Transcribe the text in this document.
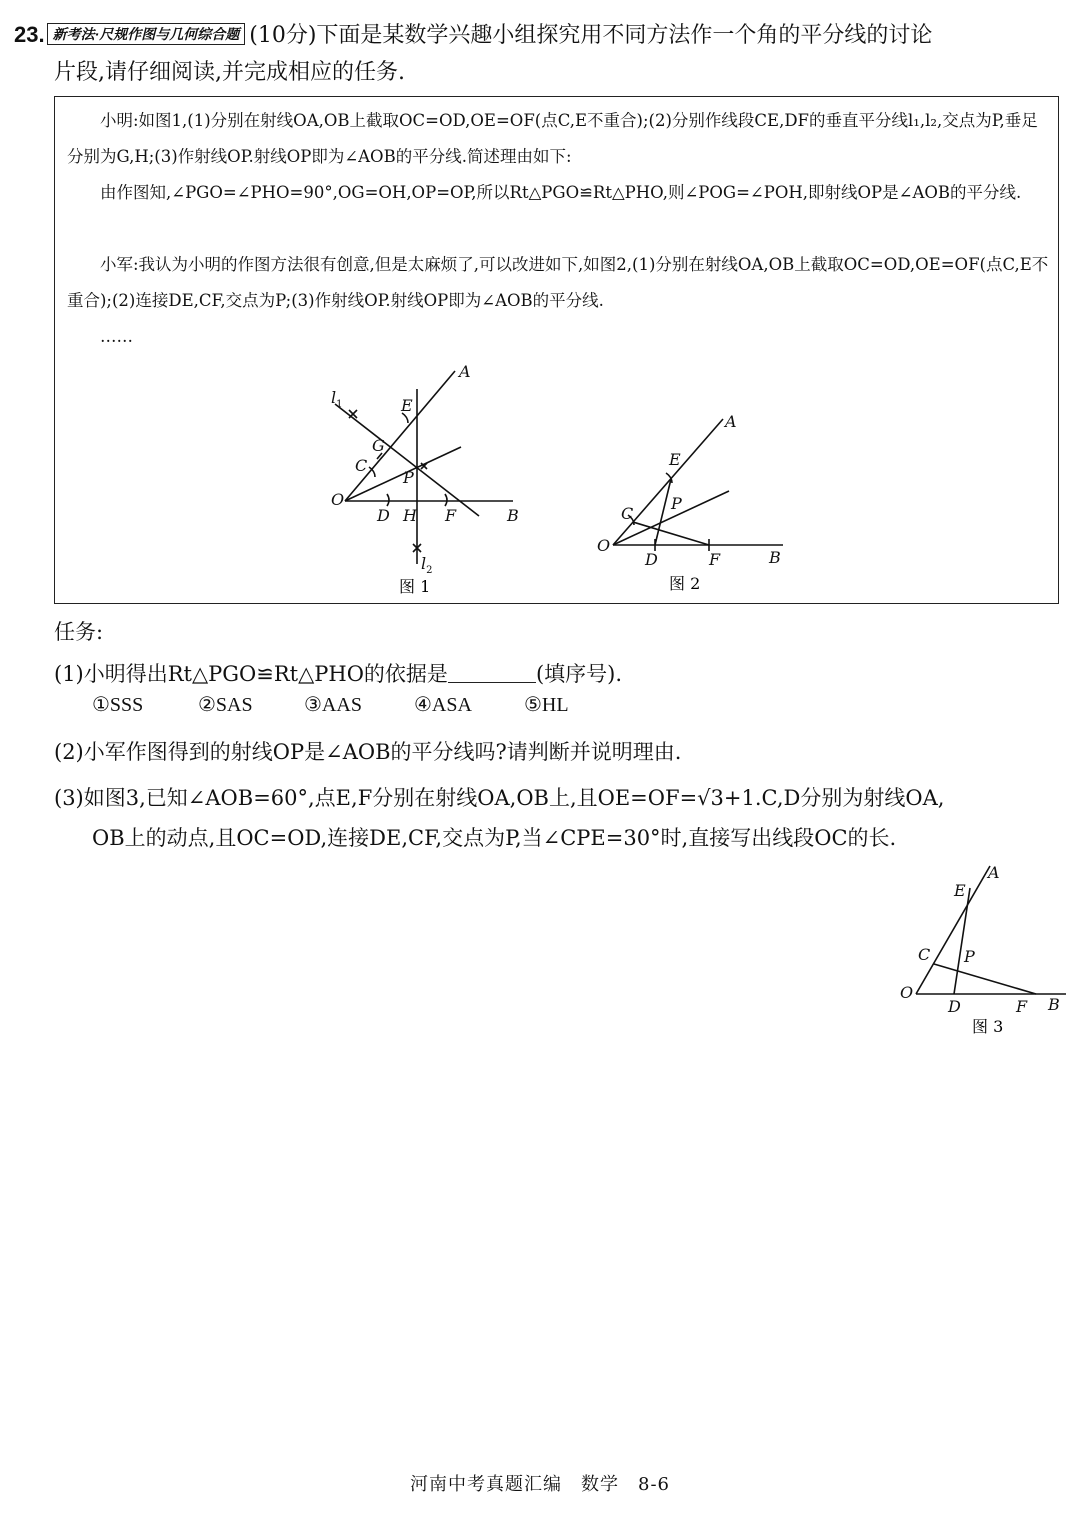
23. 新考法·尺规作图与几何综合题 (10分)下面是某数学兴趣小组探究用不同方法作一个角的平分线的讨论
片段,请仔细阅读,并完成相应的任务.

小明:如图1,(1)分别在射线OA,OB上截取OC=OD,OE=OF(点C,E不重合);(2)分别作线段CE,DF的垂直平分线l₁,l₂,交点为P,垂足分别为G,H;(3)作射线OP.射线OP即为∠AOB的平分线.简述理由如下:

由作图知,∠PGO=∠PHO=90°,OG=OH,OP=OP,所以Rt△PGO≌Rt△PHO,则∠POG=∠POH,即射线OP是∠AOB的平分线.

小军:我认为小明的作图方法很有创意,但是太麻烦了,可以改进如下,如图2,(1)分别在射线OA,OB上截取OC=OD,OE=OF(点C,E不重合);(2)连接DE,CF,交点为P;(3)作射线OP.射线OP即为∠AOB的平分线.

……

A
$l_1$	E
G
C
P
O
D H F	B
$l_2$
图 1
A
E
C
P
O
D	F	B
图 2
任务:
(1)小明得出Rt△PGO≌Rt△PHO的依据是	(填序号).
①SSS	②SAS	③AAS	④ASA	⑤HL
(2)小军作图得到的射线OP是∠AOB的平分线吗?请判断并说明理由.
(3)如图3,已知∠AOB=60°,点E,F分别在射线OA,OB上,且OE=OF=√3+1.C,D分别为射线OA,
OB上的动点,且OC=OD,连接DE,CF,交点为P,当∠CPE=30°时,直接写出线段OC的长.
A
E
C P
O
D	F B
图 3
河南中考真题汇编　数学　8-6
